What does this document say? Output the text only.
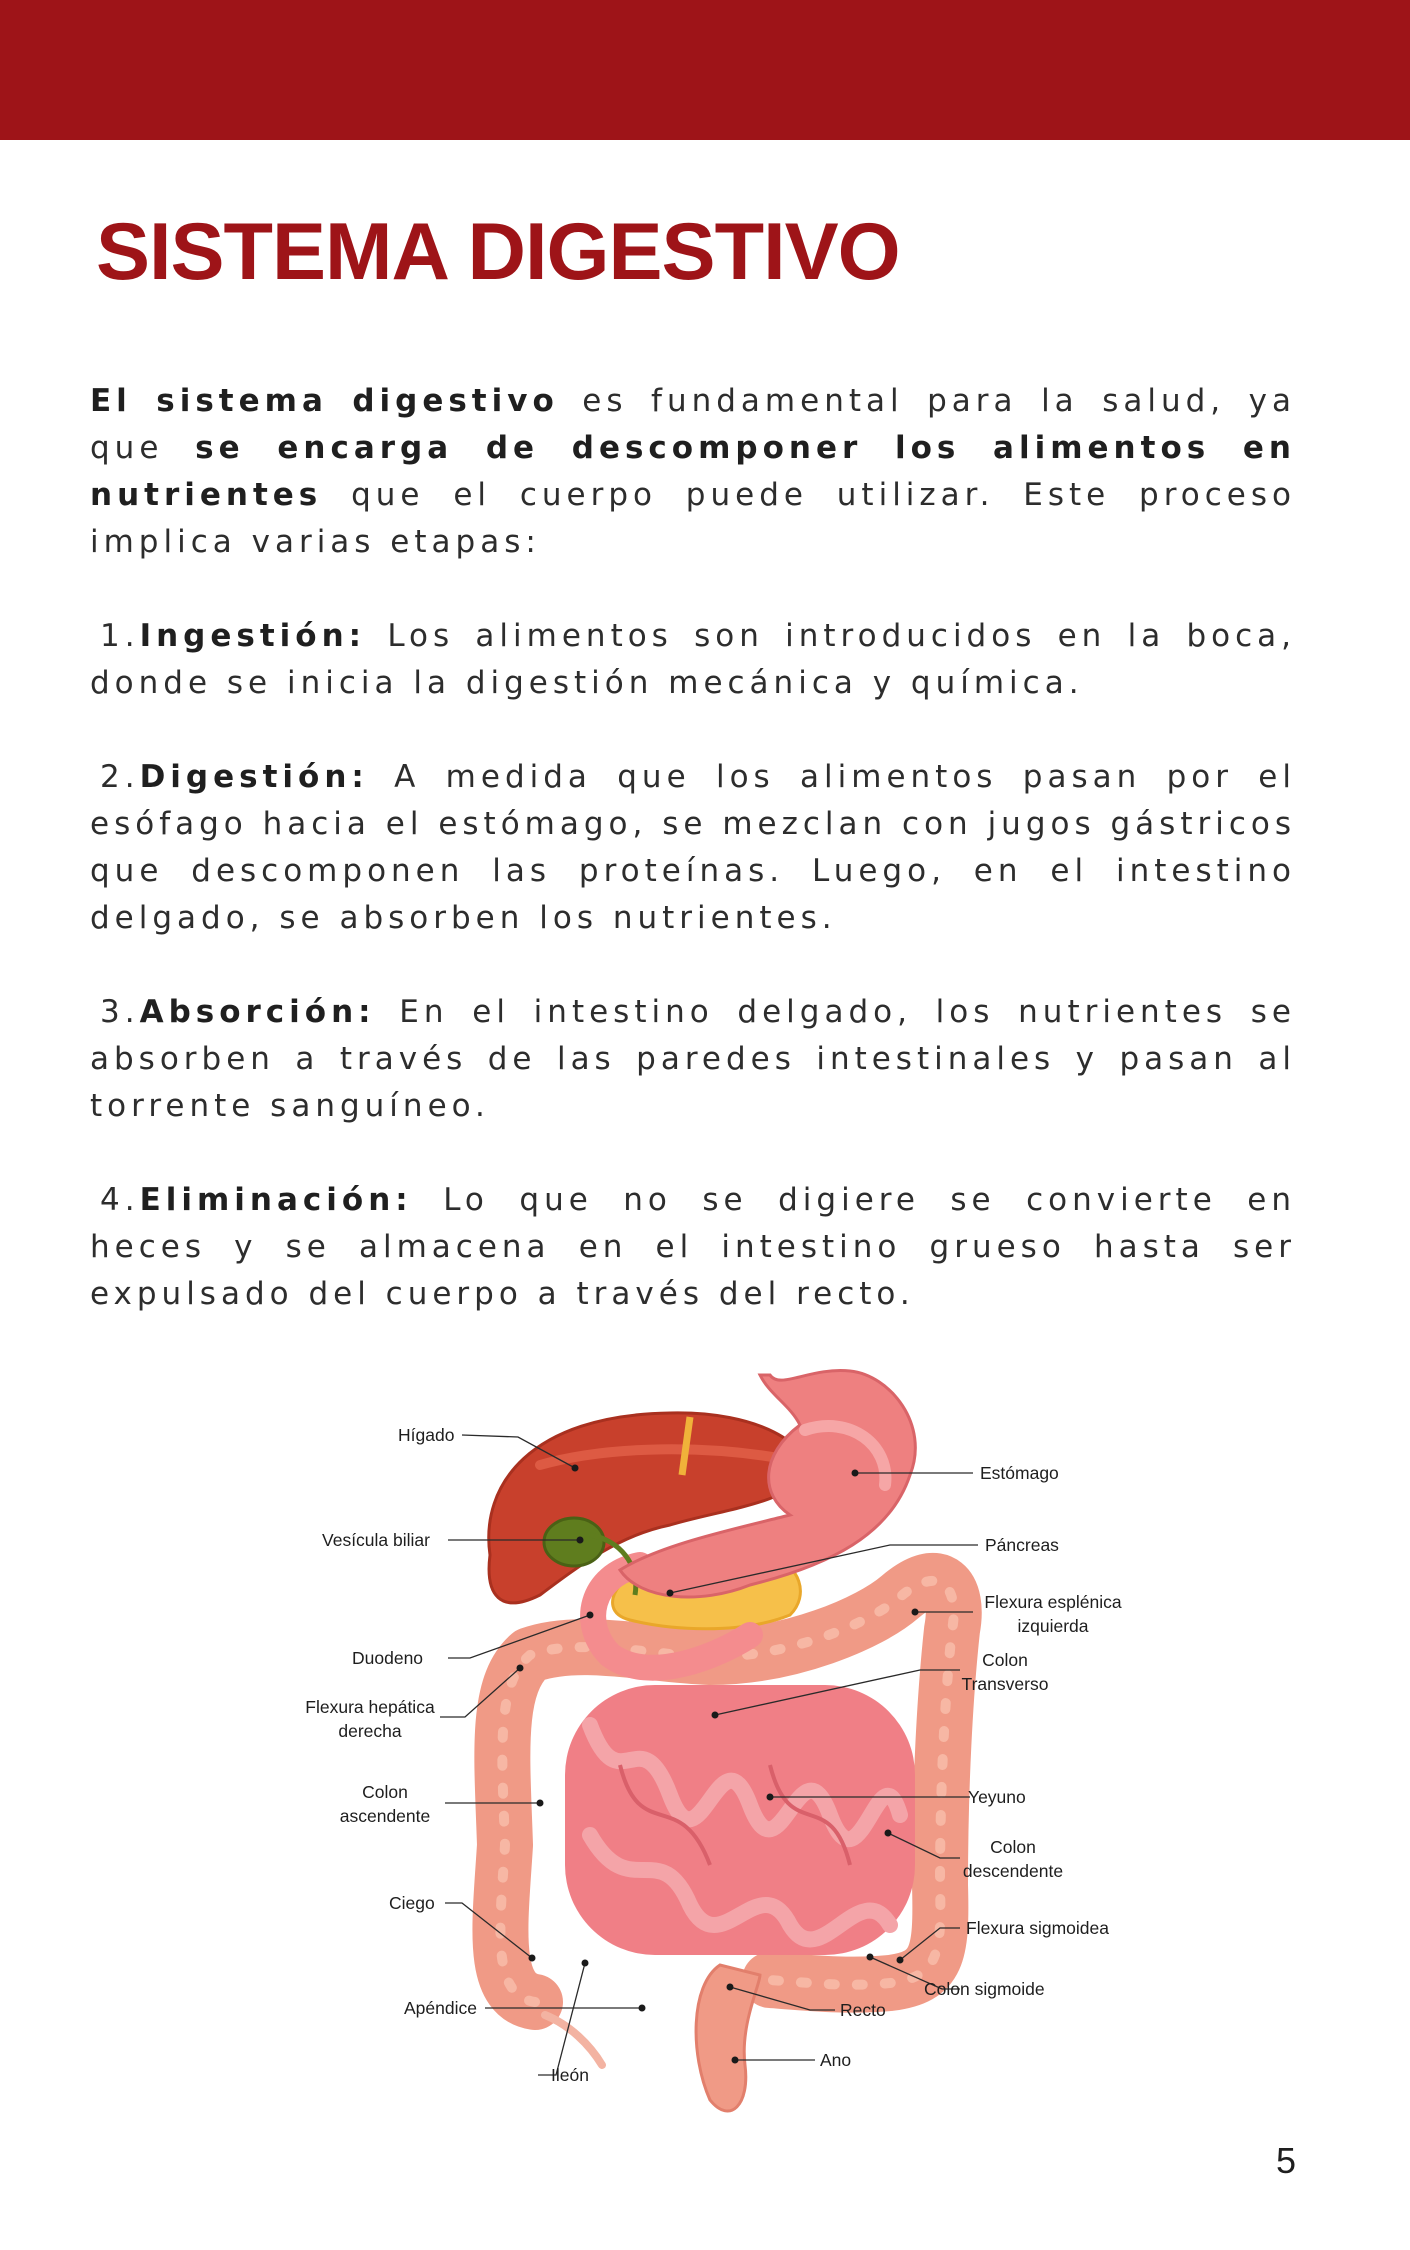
SISTEMA DIGESTIVO

El sistema digestivo es fundamental para la salud, ya que se encarga de descomponer los alimentos en nutrientes que el cuerpo puede utilizar. Este proceso implica varias etapas:

1.Ingestión: Los alimentos son introducidos en la boca, donde se inicia la digestión mecánica y química.

2.Digestión: A medida que los alimentos pasan por el esófago hacia el estómago, se mezclan con jugos gástricos que descomponen las proteínas. Luego, en el intestino delgado, se absorben los nutrientes.

3.Absorción: En el intestino delgado, los nutrientes se absorben a través de las paredes intestinales y pasan al torrente sanguíneo.

4.Eliminación: Lo que no se digiere se convierte en heces y se almacena en el intestino grueso hasta ser expulsado del cuerpo a través del recto.

Hígado
Vesícula biliar
Duodeno
Flexura hepática
derecha
Colon
ascendente
Ciego
Apéndice
Ileón
Estómago
Páncreas
Flexura esplénica
izquierda
Colon
Transverso
Yeyuno
Colon
descendente
Flexura sigmoidea
Colon sigmoide
Recto
Ano
5
